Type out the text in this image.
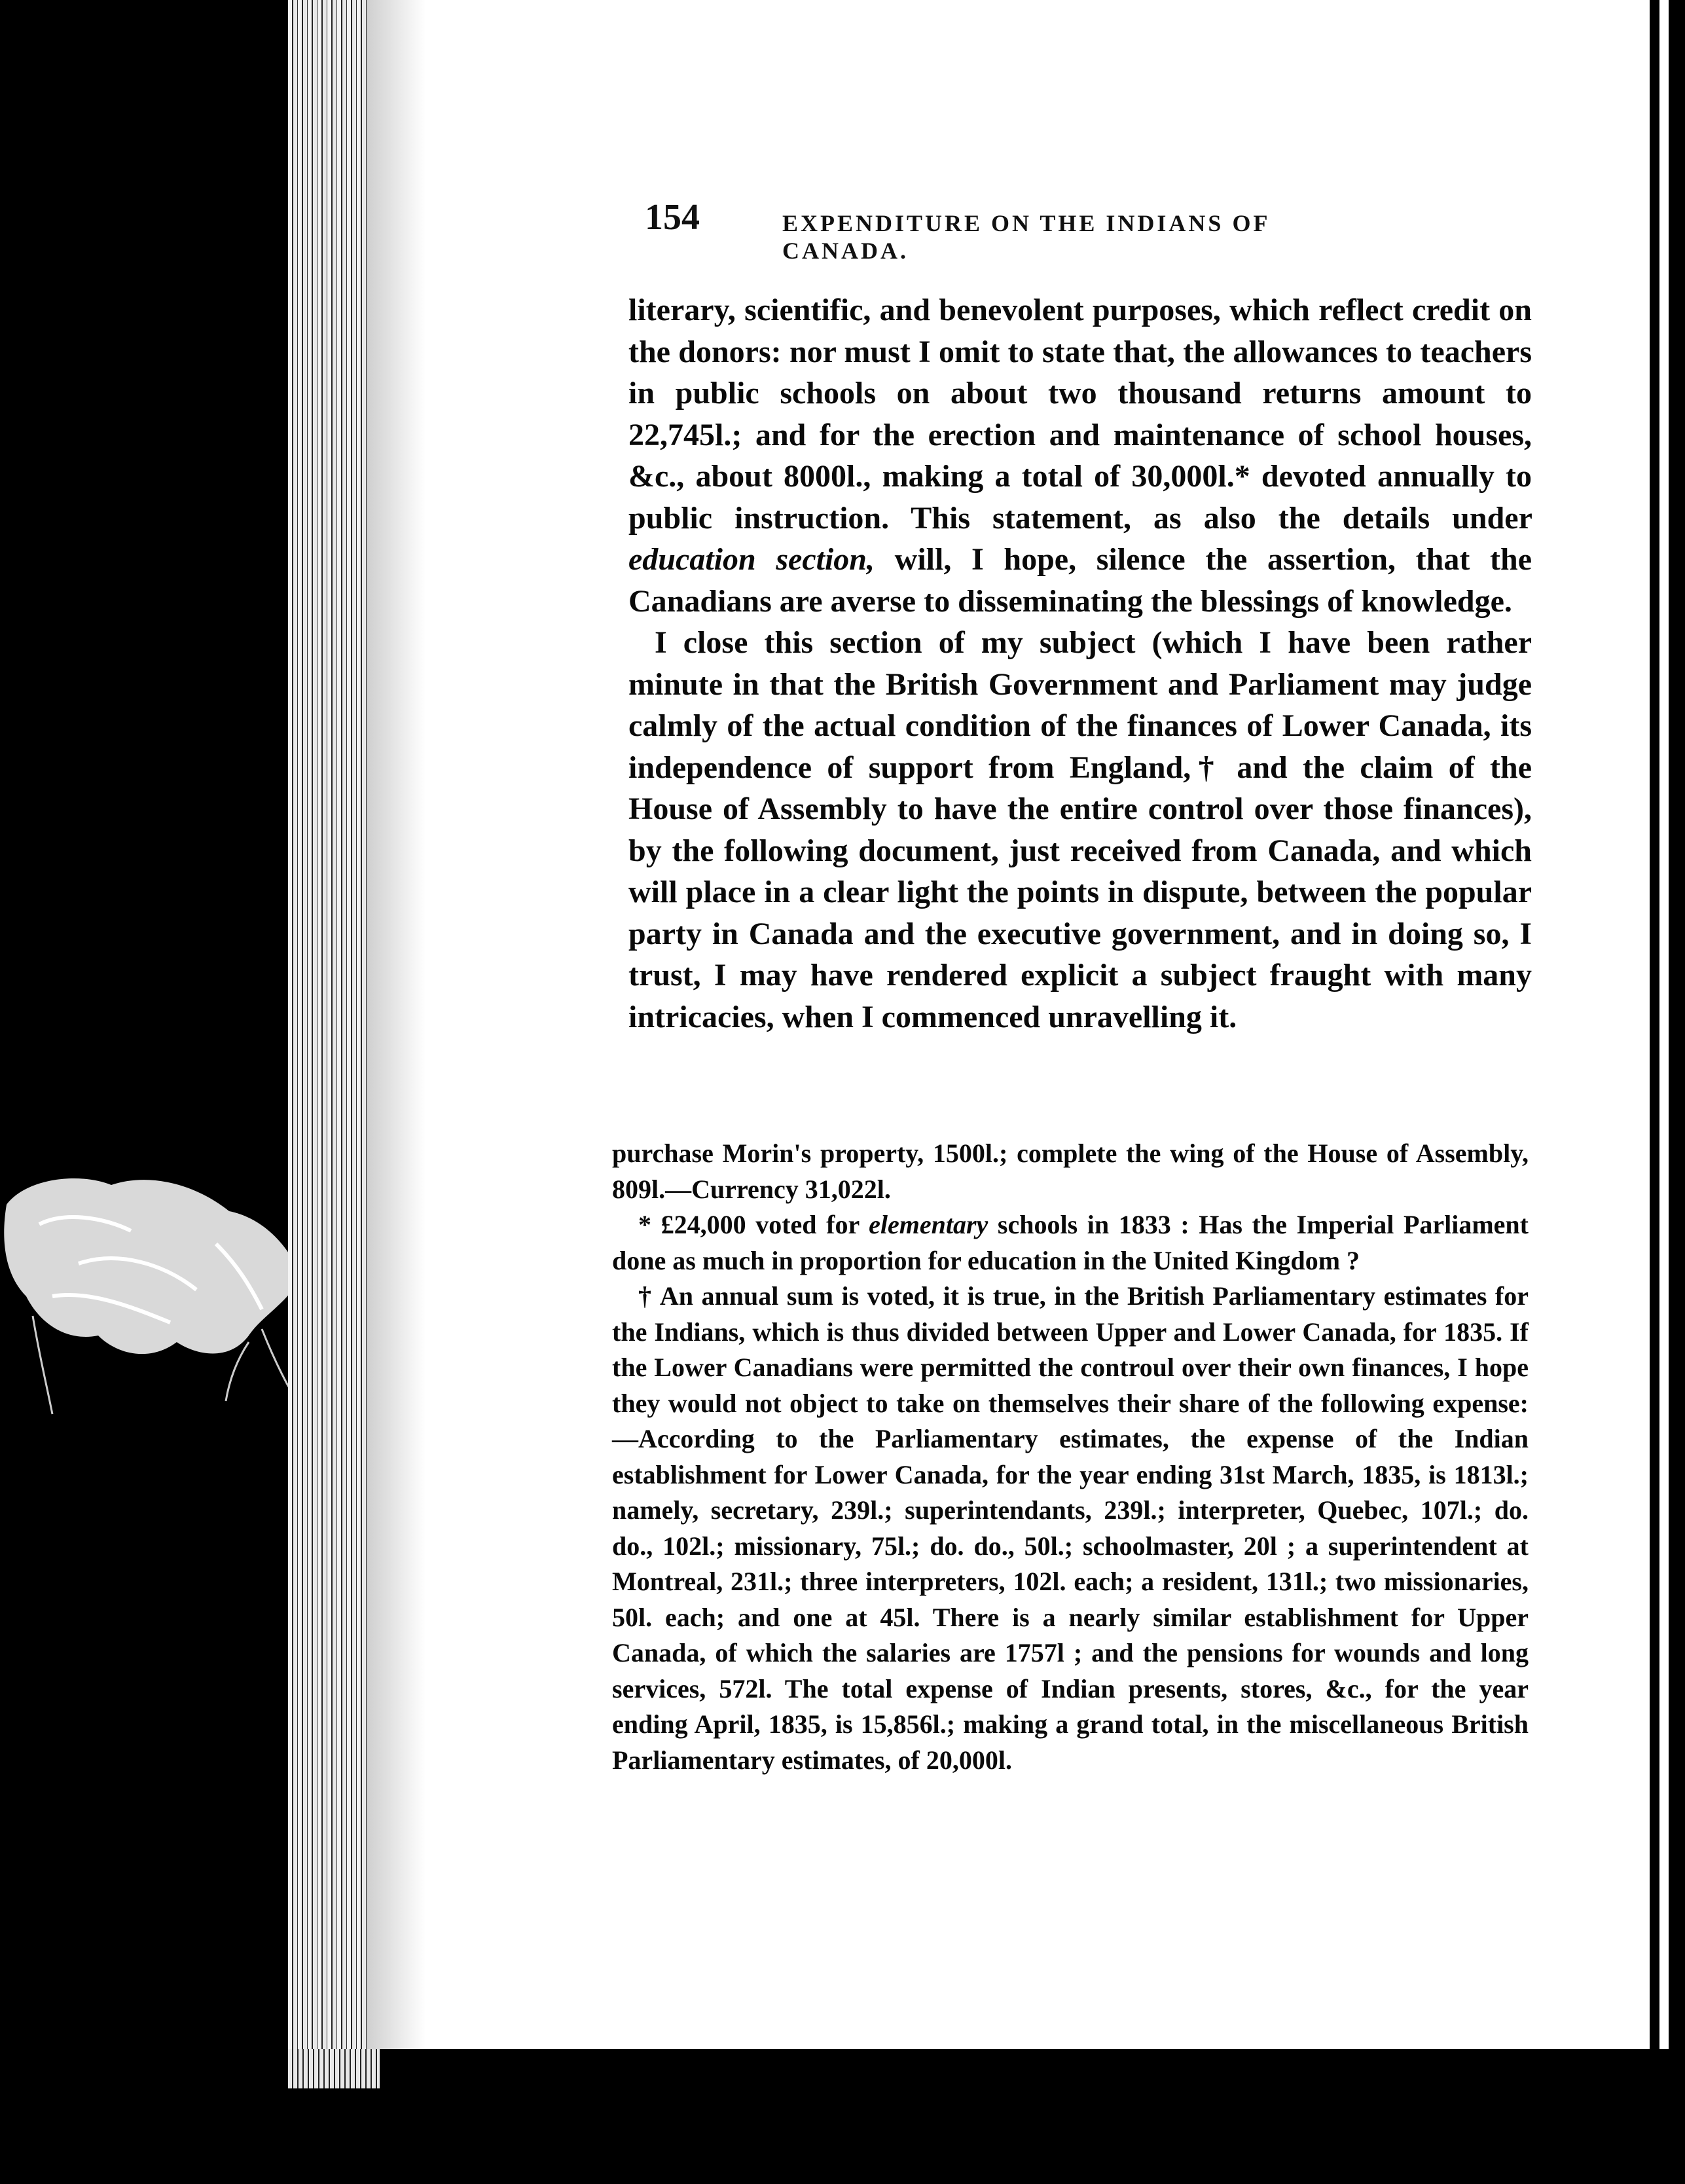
154	EXPENDITURE ON THE INDIANS OF CANADA.

literary, scientific, and benevolent purposes, which reflect credit on the donors: nor must I omit to state that, the allowances to teachers in public schools on about two thousand returns amount to 22,745l.; and for the erection and maintenance of school houses, &c., about 8000l., making a total of 30,000l.* devoted annually to public instruction. This statement, as also the details under education section, will, I hope, silence the assertion, that the Canadians are averse to disseminating the blessings of knowledge.

I close this section of my subject (which I have been rather minute in that the British Government and Parliament may judge calmly of the actual condition of the finances of Lower Canada, its independence of support from England,† and the claim of the House of Assembly to have the entire control over those finances), by the following document, just received from Canada, and which will place in a clear light the points in dispute, between the popular party in Canada and the executive government, and in doing so, I trust, I may have rendered explicit a subject fraught with many intricacies, when I commenced unravelling it.

purchase Morin's property, 1500l.; complete the wing of the House of Assembly, 809l.—Currency 31,022l.

* £24,000 voted for elementary schools in 1833 : Has the Imperial Parliament done as much in proportion for education in the United Kingdom ?

† An annual sum is voted, it is true, in the British Parliamentary estimates for the Indians, which is thus divided between Upper and Lower Canada, for 1835. If the Lower Canadians were permitted the controul over their own finances, I hope they would not object to take on themselves their share of the following expense:—According to the Parliamentary estimates, the expense of the Indian establishment for Lower Canada, for the year ending 31st March, 1835, is 1813l.; namely, secretary, 239l.; superintendants, 239l.; interpreter, Quebec, 107l.; do. do., 102l.; missionary, 75l.; do. do., 50l.; schoolmaster, 20l ; a superintendent at Montreal, 231l.; three interpreters, 102l. each; a resident, 131l.; two missionaries, 50l. each; and one at 45l. There is a nearly similar establishment for Upper Canada, of which the salaries are 1757l ; and the pensions for wounds and long services, 572l. The total expense of Indian presents, stores, &c., for the year ending April, 1835, is 15,856l.; making a grand total, in the miscellaneous British Parliamentary estimates, of 20,000l.
